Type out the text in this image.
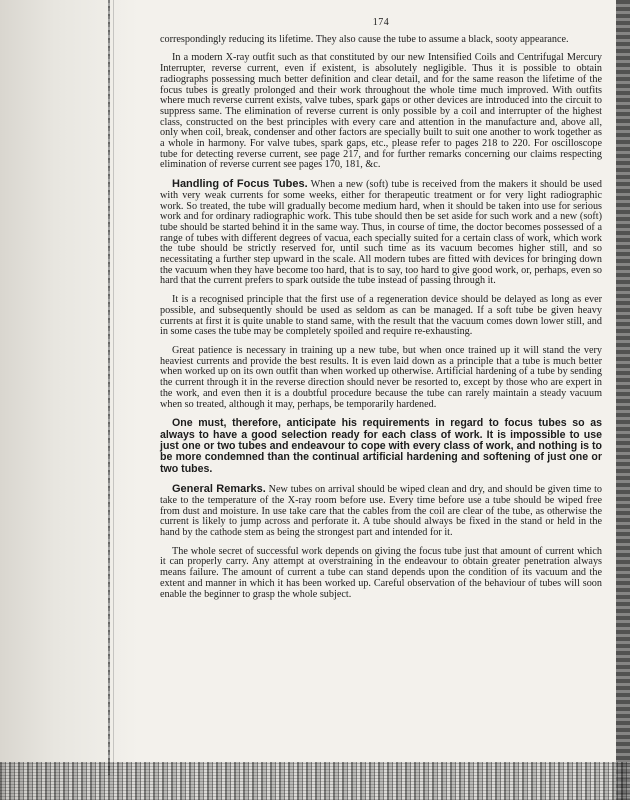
174

correspondingly reducing its lifetime. They also cause the tube to assume a black, sooty appearance.

In a modern X-ray outfit such as that constituted by our new Intensified Coils and Centrifugal Mercury Interrupter, reverse current, even if existent, is absolutely negligible. Thus it is possible to obtain radiographs possessing much better definition and clear detail, and for the same reason the lifetime of the focus tubes is greatly prolonged and their work throughout the whole time much improved. With outfits where much reverse current exists, valve tubes, spark gaps or other devices are introduced into the circuit to suppress same. The elimination of reverse current is only possible by a coil and interrupter of the highest class, constructed on the best principles with every care and attention in the manufacture and, above all, only when coil, break, condenser and other factors are specially built to suit one another to work together as a whole in harmony. For valve tubes, spark gaps, etc., please refer to pages 218 to 220. For oscilloscope tube for detecting reverse current, see page 217, and for further remarks concerning our claims respecting elimination of reverse current see pages 170, 181, &c.

Handling of Focus Tubes. When a new (soft) tube is received from the makers it should be used with very weak currents for some weeks, either for therapeutic treatment or for very light radiographic work. So treated, the tube will gradually become medium hard, when it should be taken into use for serious work and for ordinary radiographic work. This tube should then be set aside for such work and a new (soft) tube should be started behind it in the same way. Thus, in course of time, the doctor becomes possessed of a range of tubes with different degrees of vacua, each specially suited for a certain class of work, which work the tube should be strictly reserved for, until such time as its vacuum becomes higher still, and so necessitating a further step upward in the scale. All modern tubes are fitted with devices for bringing down the vacuum when they have become too hard, that is to say, too hard to give good work, or, perhaps, even so hard that the current prefers to spark outside the tube instead of passing through it.

It is a recognised principle that the first use of a regeneration device should be delayed as long as ever possible, and subsequently should be used as seldom as can be managed. If a soft tube be given heavy currents at first it is quite unable to stand same, with the result that the vacuum comes down lower still, and in some cases the tube may be completely spoiled and require re-exhausting.

Great patience is necessary in training up a new tube, but when once trained up it will stand the very heaviest currents and provide the best results. It is even laid down as a principle that a tube is much better when worked up on its own outfit than when worked up otherwise. Artificial hardening of a tube by sending the current through it in the reverse direction should never be resorted to, except by those who are expert in the work, and even then it is a doubtful procedure because the tube can rarely maintain a steady vacuum when so treated, although it may, perhaps, be temporarily hardened.

One must, therefore, anticipate his requirements in regard to focus tubes so as always to have a good selection ready for each class of work. It is impossible to use just one or two tubes and endeavour to cope with every class of work, and nothing is to be more condemned than the continual artificial hardening and softening of just one or two tubes.

General Remarks. New tubes on arrival should be wiped clean and dry, and should be given time to take to the temperature of the X-ray room before use. Every time before use a tube should be wiped free from dust and moisture. In use take care that the cables from the coil are clear of the tube, as otherwise the current is likely to jump across and perforate it. A tube should always be fixed in the stand or held in the hand by the cathode stem as being the strongest part and intended for it.

The whole secret of successful work depends on giving the focus tube just that amount of current which it can properly carry. Any attempt at overstraining in the endeavour to obtain greater penetration always means failure. The amount of current a tube can stand depends upon the condition of its vacuum and the extent and manner in which it has been worked up. Careful observation of the behaviour of tubes will soon enable the beginner to grasp the whole subject.
